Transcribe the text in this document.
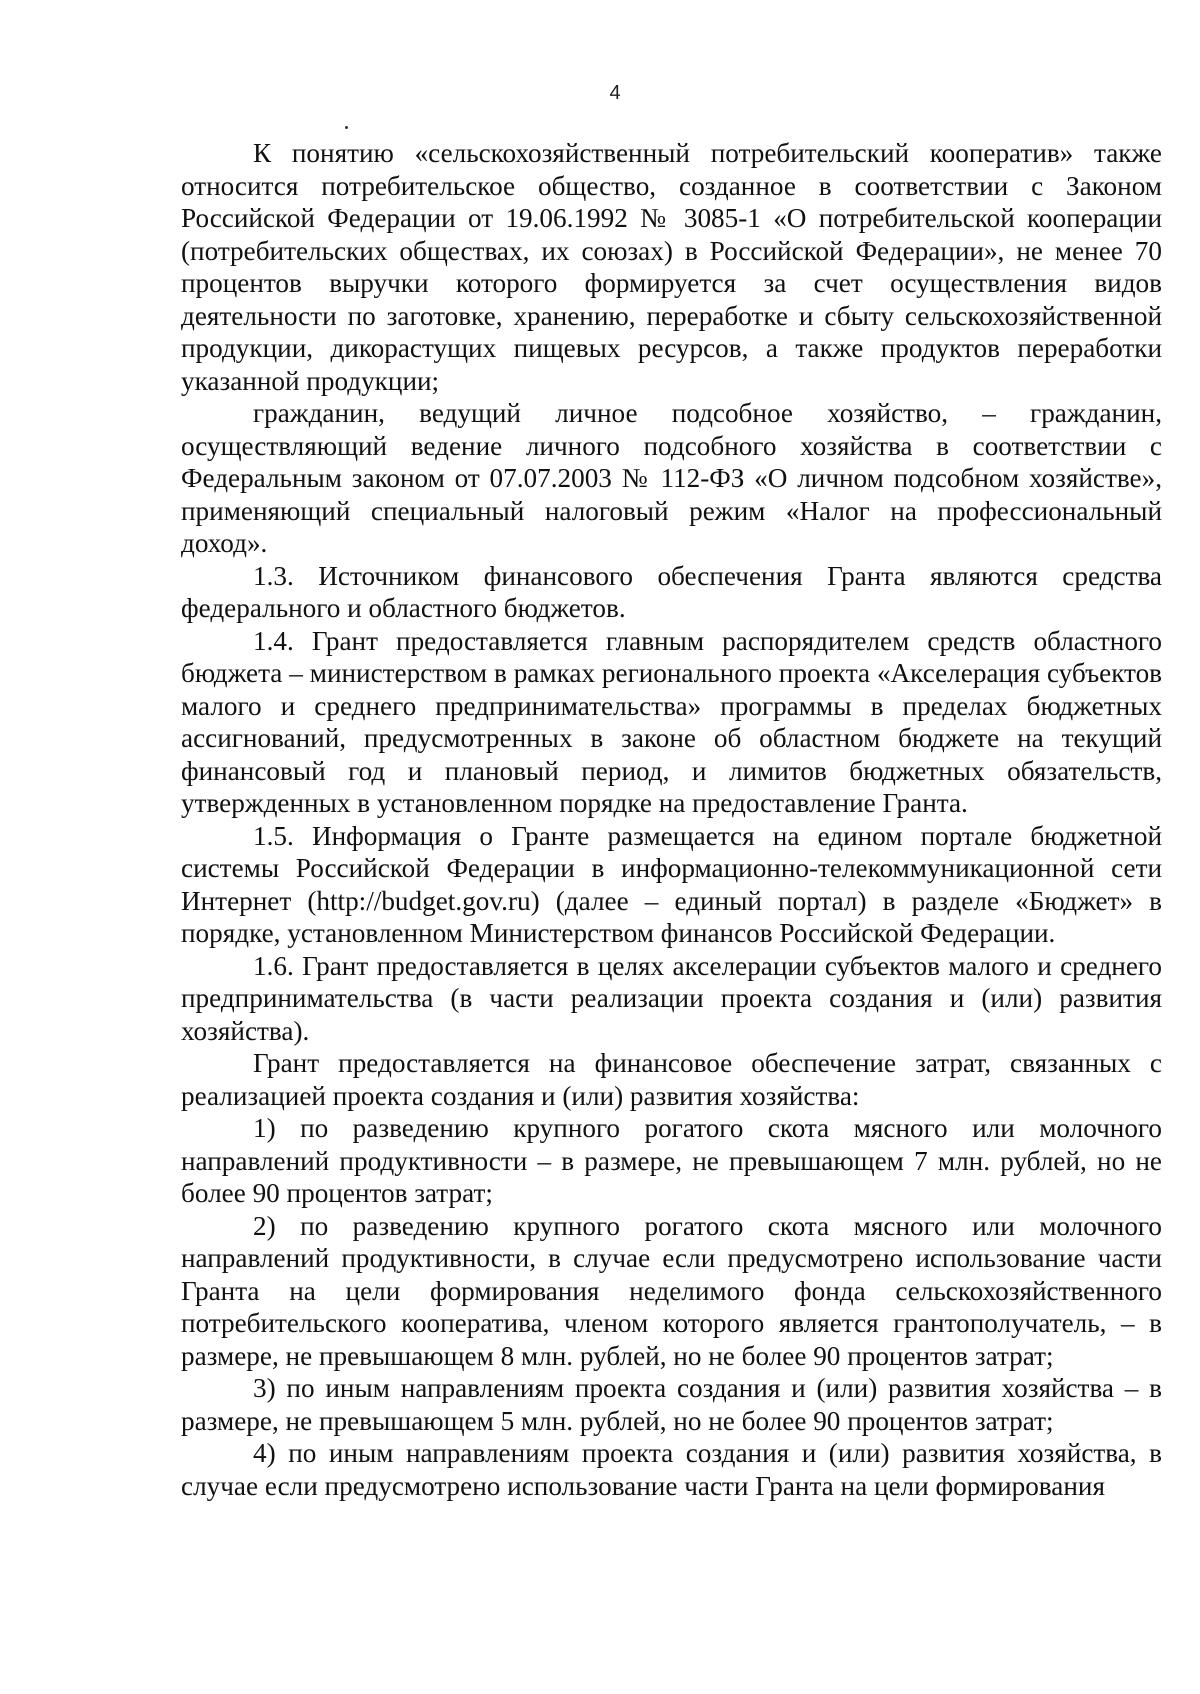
4

К понятию «сельскохозяйственный потребительский кооператив» также относится потребительское общество, созданное в соответствии с Законом Российской Федерации от 19.06.1992 № 3085-1 «О потребительской кооперации (потребительских обществах, их союзах) в Российской Федерации», не менее 70 процентов выручки которого формируется за счет осуществления видов деятельности по заготовке, хранению, переработке и сбыту сельскохозяйственной продукции, дикорастущих пищевых ресурсов, а также продуктов переработки указанной продукции;

гражданин, ведущий личное подсобное хозяйство, – гражданин, осуществляющий ведение личного подсобного хозяйства в соответствии с Федеральным законом от 07.07.2003 № 112-ФЗ «О личном подсобном хозяйстве», применяющий специальный налоговый режим «Налог на профессиональный доход».

1.3. Источником финансового обеспечения Гранта являются средства федерального и областного бюджетов.

1.4. Грант предоставляется главным распорядителем средств областного бюджета – министерством в рамках регионального проекта «Акселерация субъектов малого и среднего предпринимательства» программы в пределах бюджетных ассигнований, предусмотренных в законе об областном бюджете на текущий финансовый год и плановый период, и лимитов бюджетных обязательств, утвержденных в установленном порядке на предоставление Гранта.

1.5. Информация о Гранте размещается на едином портале бюджетной системы Российской Федерации в информационно-телекоммуникационной сети Интернет (http://budget.gov.ru) (далее – единый портал) в разделе «Бюджет» в порядке, установленном Министерством финансов Российской Федерации.

1.6. Грант предоставляется в целях акселерации субъектов малого и среднего предпринимательства (в части реализации проекта создания и (или) развития хозяйства).

Грант предоставляется на финансовое обеспечение затрат, связанных с реализацией проекта создания и (или) развития хозяйства:

1) по разведению крупного рогатого скота мясного или молочного направлений продуктивности – в размере, не превышающем 7 млн. рублей, но не более 90 процентов затрат;

2) по разведению крупного рогатого скота мясного или молочного направлений продуктивности, в случае если предусмотрено использование части Гранта на цели формирования неделимого фонда сельскохозяйственного потребительского кооператива, членом которого является грантополучатель, – в размере, не превышающем 8 млн. рублей, но не более 90 процентов затрат;

3) по иным направлениям проекта создания и (или) развития хозяйства – в размере, не превышающем 5 млн. рублей, но не более 90 процентов затрат;

4) по иным направлениям проекта создания и (или) развития хозяйства, в случае если предусмотрено использование части Гранта на цели формирования
